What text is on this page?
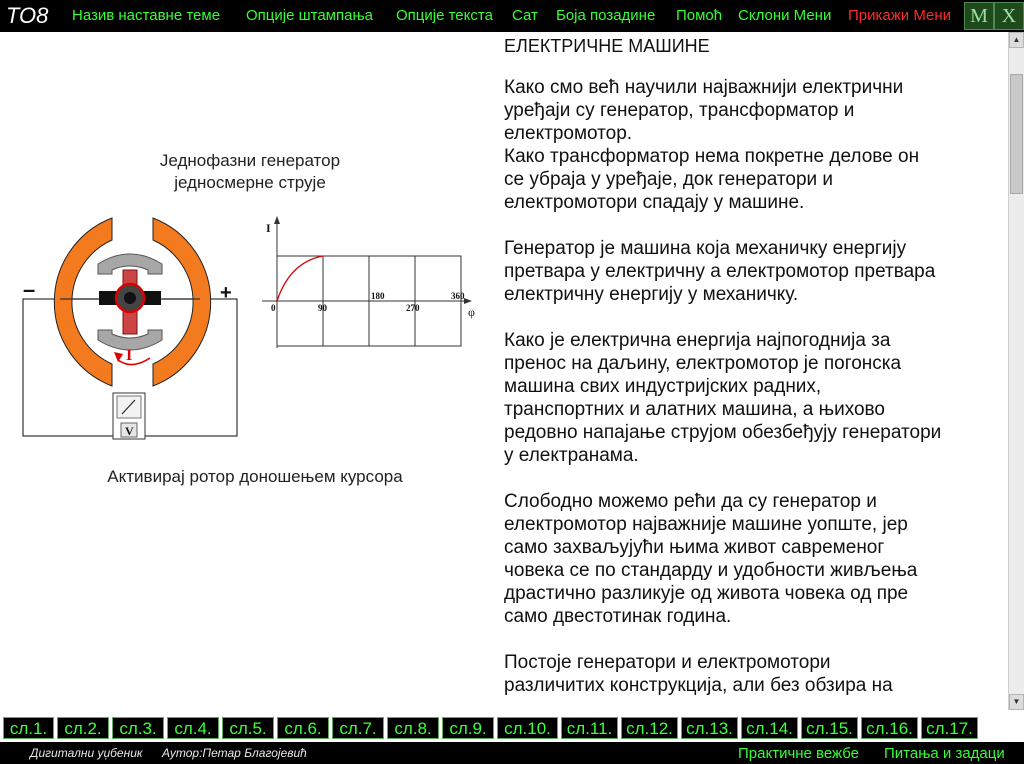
TO8 Назив наставне теме Опције штампања Опције текста Сат Боја позадине Помоћ Склони Мени Прикажи Мени M X
Једнофазни генератор
једносмерне струје
–	+
I
V
I
φ
0	90
180
270
360
Активирај ротор доношењем курсора
ЕЛЕКТРИЧНЕ МАШИНЕ

Како смо већ научили најважнији електрични
уређаји су генератор, трансформатор и
електромотор.
Како трансформатор нема покретне делове он
се убраја у уређаје, док генератори и
електромотори спадају у машине.

Генератор је машина која механичку енергију
претвара у електричну а електромотор претвара
електричну енергију у механичку.

Како је електрична енергија најпогоднија за
пренос на даљину, електромотор је погонска
машина свих индустријских радних,
транспортних и алатних машина, а њихово
редовно напајање струјом обезбеђују генератори
у електранама.

Слободно можемо рећи да су генератор и
електромотор најважније машине уопште, јер
само захваљујући њима живот савременог
човека се по стандарду и удобности живљења
драстично разликује од живота човека од пре
само двестотинак година.

Постоје генератори и електромотори
различитих конструкција, али без обзира на

▲
▼
сл.1.	сл.2.	сл.3.	сл.4.	сл.5.	сл.6.	сл.7.	сл.8.	сл.9.	сл.10. сл.11. сл.12. сл.13. сл.14. сл.15. сл.16. сл.17.
Дигитални уџбеник Аутор:Петар Благојевић	Практичне вежбе Питања и задаци
